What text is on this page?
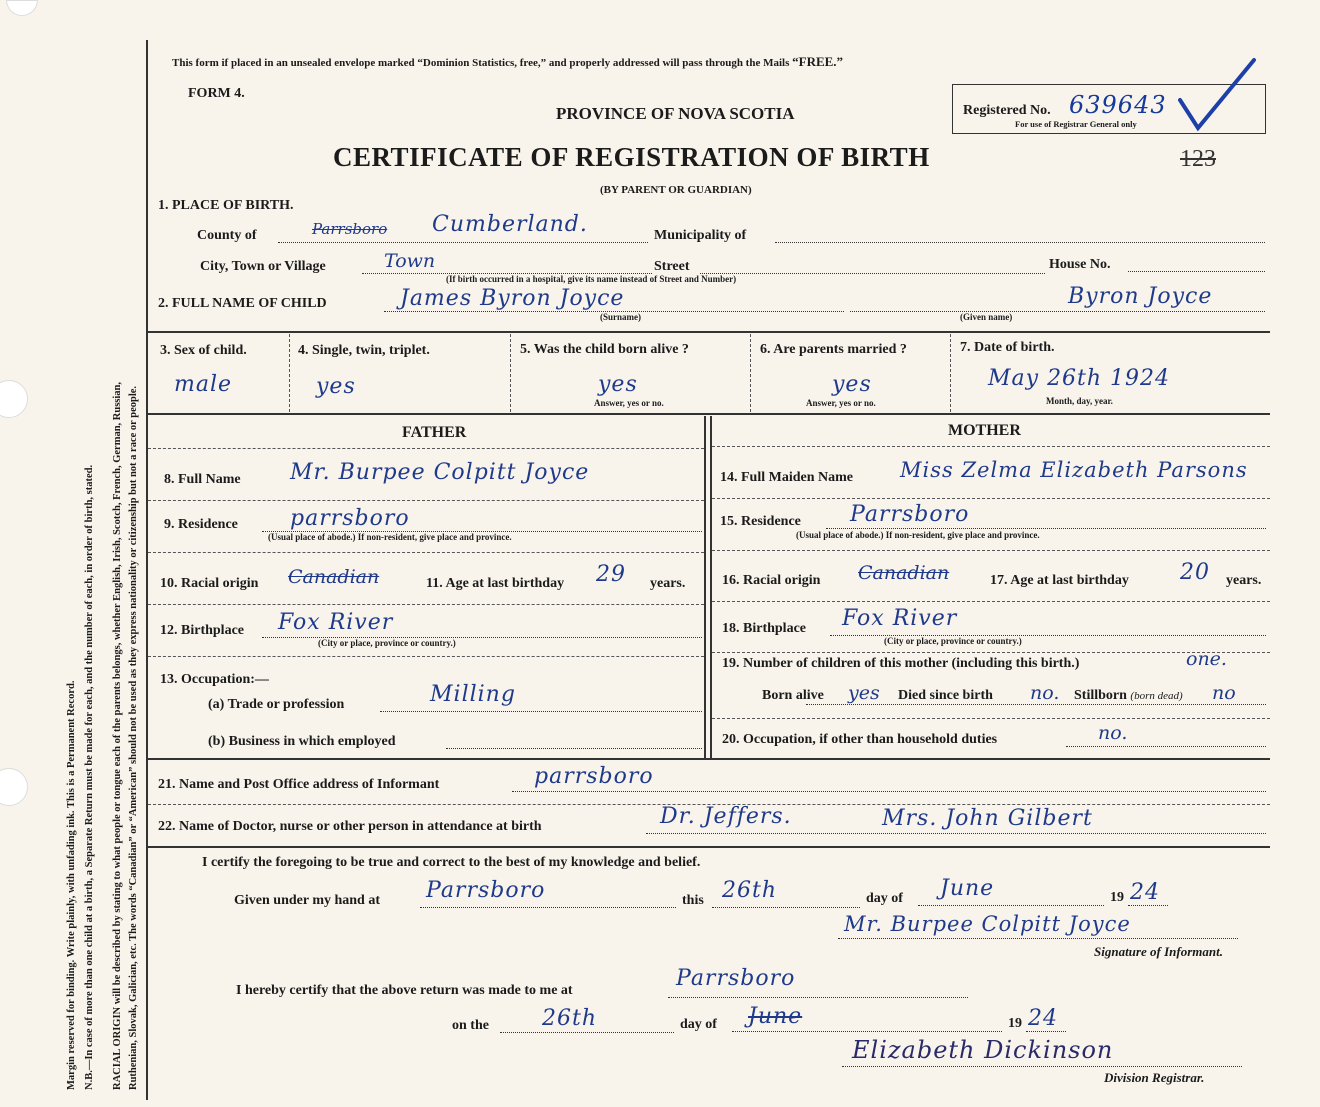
Margin reserved for binding. Write plainly, with unfading ink. This is a Permanent Record. N.B.—In case of more than one child at a birth, a Separate Return must be made for each, and the number of each, in order of birth, stated. RACIAL ORIGIN will be described by stating to what people or tongue each of the parents belongs, whether English, Irish, Scotch, French, German, Russian, Ruthenian, Slovak, Galician, etc. The words “Canadian” or “American” should not be used as they express nationality or citizenship but not a race or people.
This form if placed in an unsealed envelope marked “Dominion Statistics, free,” and properly addressed will pass through the Mails “FREE.”
FORM 4.
PROVINCE OF NOVA SCOTIA
CERTIFICATE OF REGISTRATION OF BIRTH
(BY PARENT OR GUARDIAN)
123
Registered No. 639643
For use of Registrar General only
1. PLACE OF BIRTH.
County of	Parrsboro Cumberland.	Municipality of
City, Town or Village	Town	Street
(If birth occurred in a hospital, give its name instead of Street and Number)
House No.
2. FULL NAME OF CHILD	James Byron Joyce
(Surname)
Byron Joyce
(Given name)
3. Sex of child.
male
4. Single, twin, triplet.
yes
5. Was the child born alive ?
yes
Answer, yes or no.
6. Are parents married ?
yes
Answer, yes or no.
7. Date of birth.
May 26th 1924
Month, day, year.
FATHER	MOTHER
8. Full Name Mr. Burpee Colpitt Joyce
9. Residence parrsboro
(Usual place of abode.) If non-resident, give place and province.
10. Racial origin Canadian	11. Age at last birthday 29 years.
12. Birthplace Fox River
(City or place, province or country.)
13. Occupation:—
(a) Trade or profession	Milling
(b) Business in which employed
14. Full Maiden Name Miss Zelma Elizabeth Parsons
15. Residence Parrsboro
(Usual place of abode.) If non-resident, give place and province.
16. Racial origin Canadian	17. Age at last birthday 20 years.
18. Birthplace Fox River
(City or place, province or country.)
19. Number of children of this mother (including this birth.)	one.
Born alive yes Died since birth no. Stillborn (born dead) no
20. Occupation, if other than household duties	no.
21. Name and Post Office address of Informant	parrsboro
22. Name of Doctor, nurse or other person in attendance at birth	Dr. Jeffers.	Mrs. John Gilbert
I certify the foregoing to be true and correct to the best of my knowledge and belief.
Given under my hand at Parrsboro	this 26th	day of June	19 24
Mr. Burpee Colpitt Joyce
Signature of Informant.
I hereby certify that the above return was made to me at	Parrsboro
on the 26th	day of June	19 24
Elizabeth Dickinson
Division Registrar.
